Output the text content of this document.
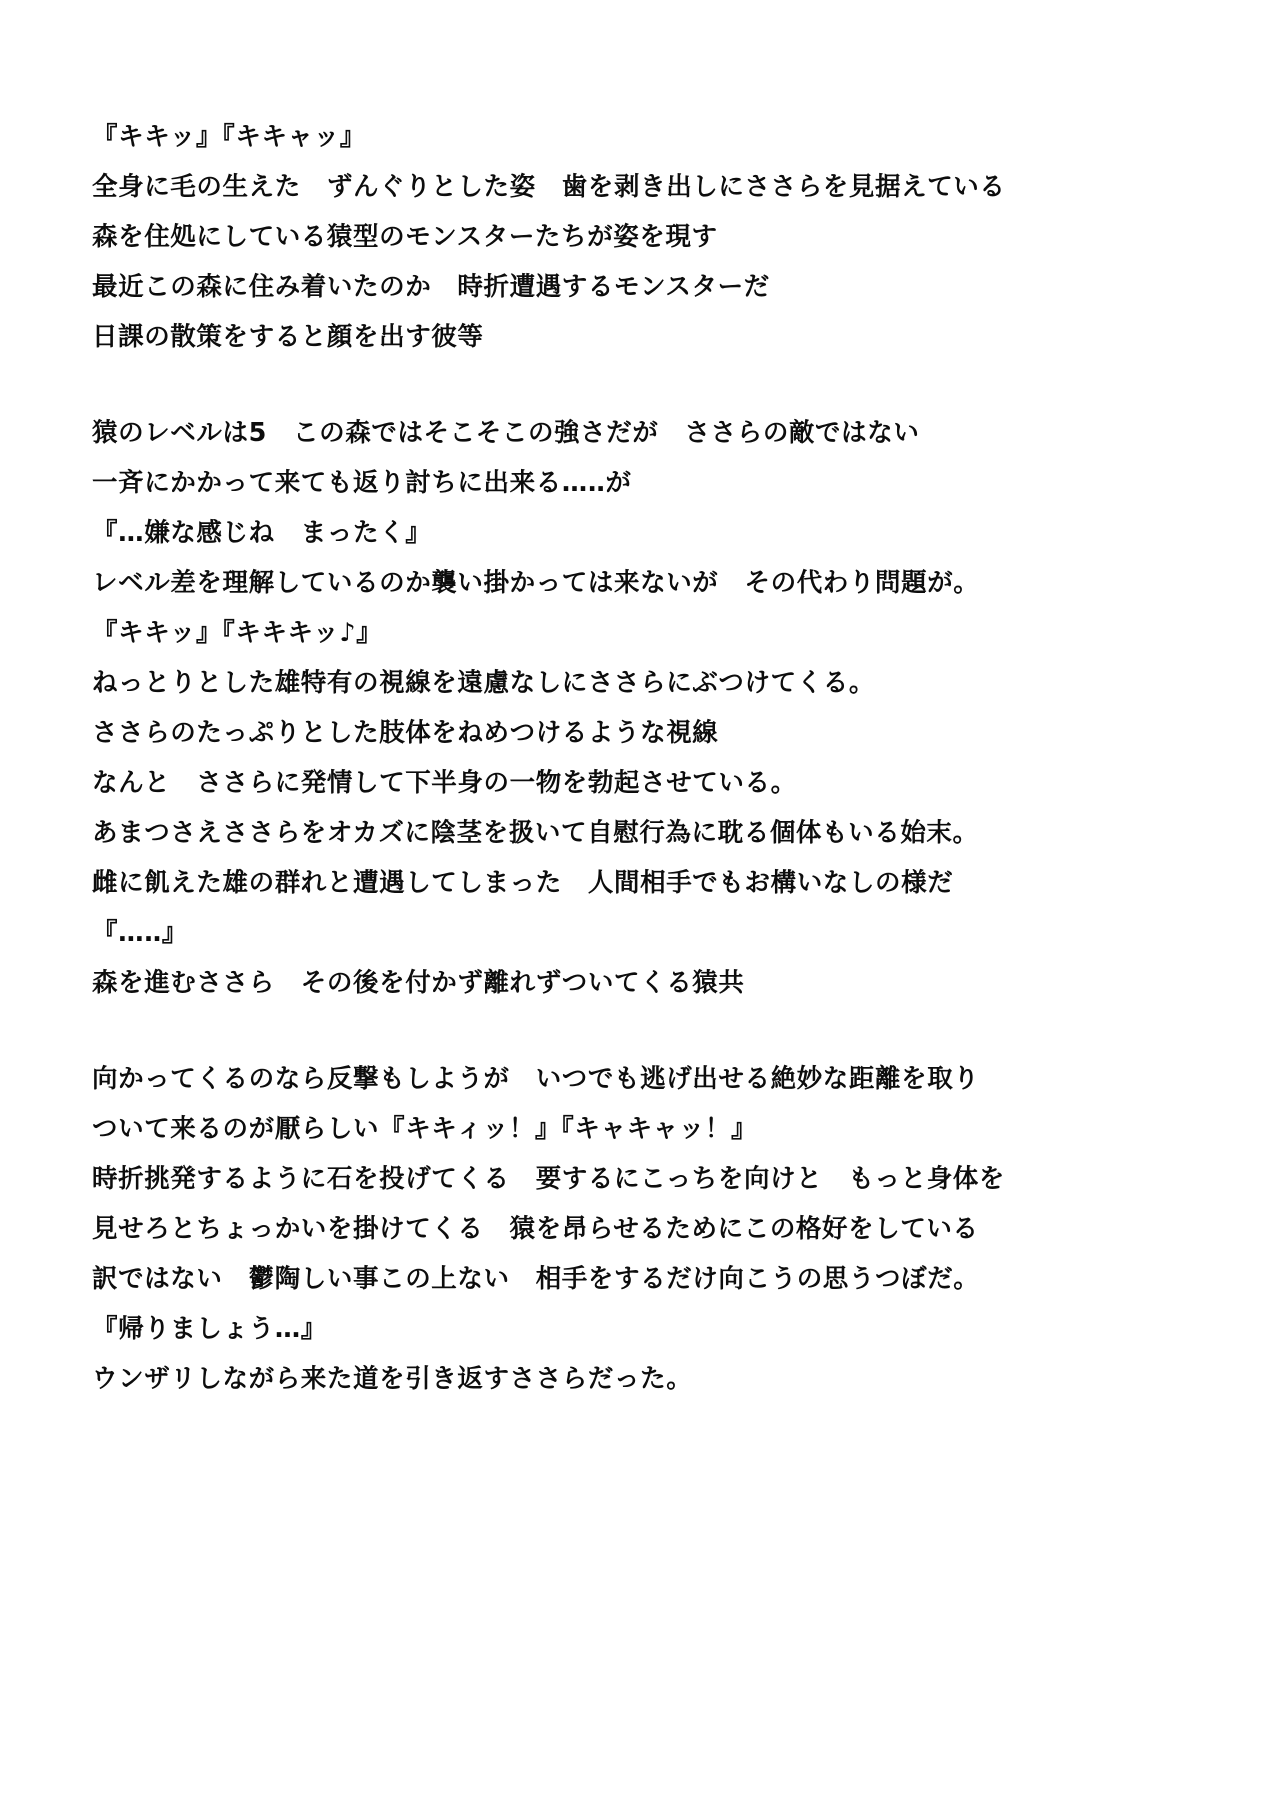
『キキッ』『キキャッ』
全身に毛の生えた　ずんぐりとした姿　歯を剥き出しにささらを見据えている
森を住処にしている猿型のモンスターたちが姿を現す
最近この森に住み着いたのか　時折遭遇するモンスターだ
日課の散策をすると顔を出す彼等
猿のレベルは5　この森ではそこそこの強さだが　ささらの敵ではない
一斉にかかって来ても返り討ちに出来る…‥が
『…嫌な感じね　まったく』
レベル差を理解しているのか襲い掛かっては来ないが　その代わり問題が。
『キキッ』『キキキッ♪』
ねっとりとした雄特有の視線を遠慮なしにささらにぶつけてくる。
ささらのたっぷりとした肢体をねめつけるような視線
なんと　ささらに発情して下半身の一物を勃起させている。
あまつさえささらをオカズに陰茎を扱いて自慰行為に耽る個体もいる始末。
雌に飢えた雄の群れと遭遇してしまった　人間相手でもお構いなしの様だ
『…‥』
森を進むささら　その後を付かず離れずついてくる猿共
向かってくるのなら反撃もしようが　いつでも逃げ出せる絶妙な距離を取り
ついて来るのが厭らしい『キキィッ！』『キャキャッ！』
時折挑発するように石を投げてくる　要するにこっちを向けと　もっと身体を
見せろとちょっかいを掛けてくる　猿を昂らせるためにこの格好をしている
訳ではない　鬱陶しい事この上ない　相手をするだけ向こうの思うつぼだ。
『帰りましょう…』
ウンザリしながら来た道を引き返すささらだった。
